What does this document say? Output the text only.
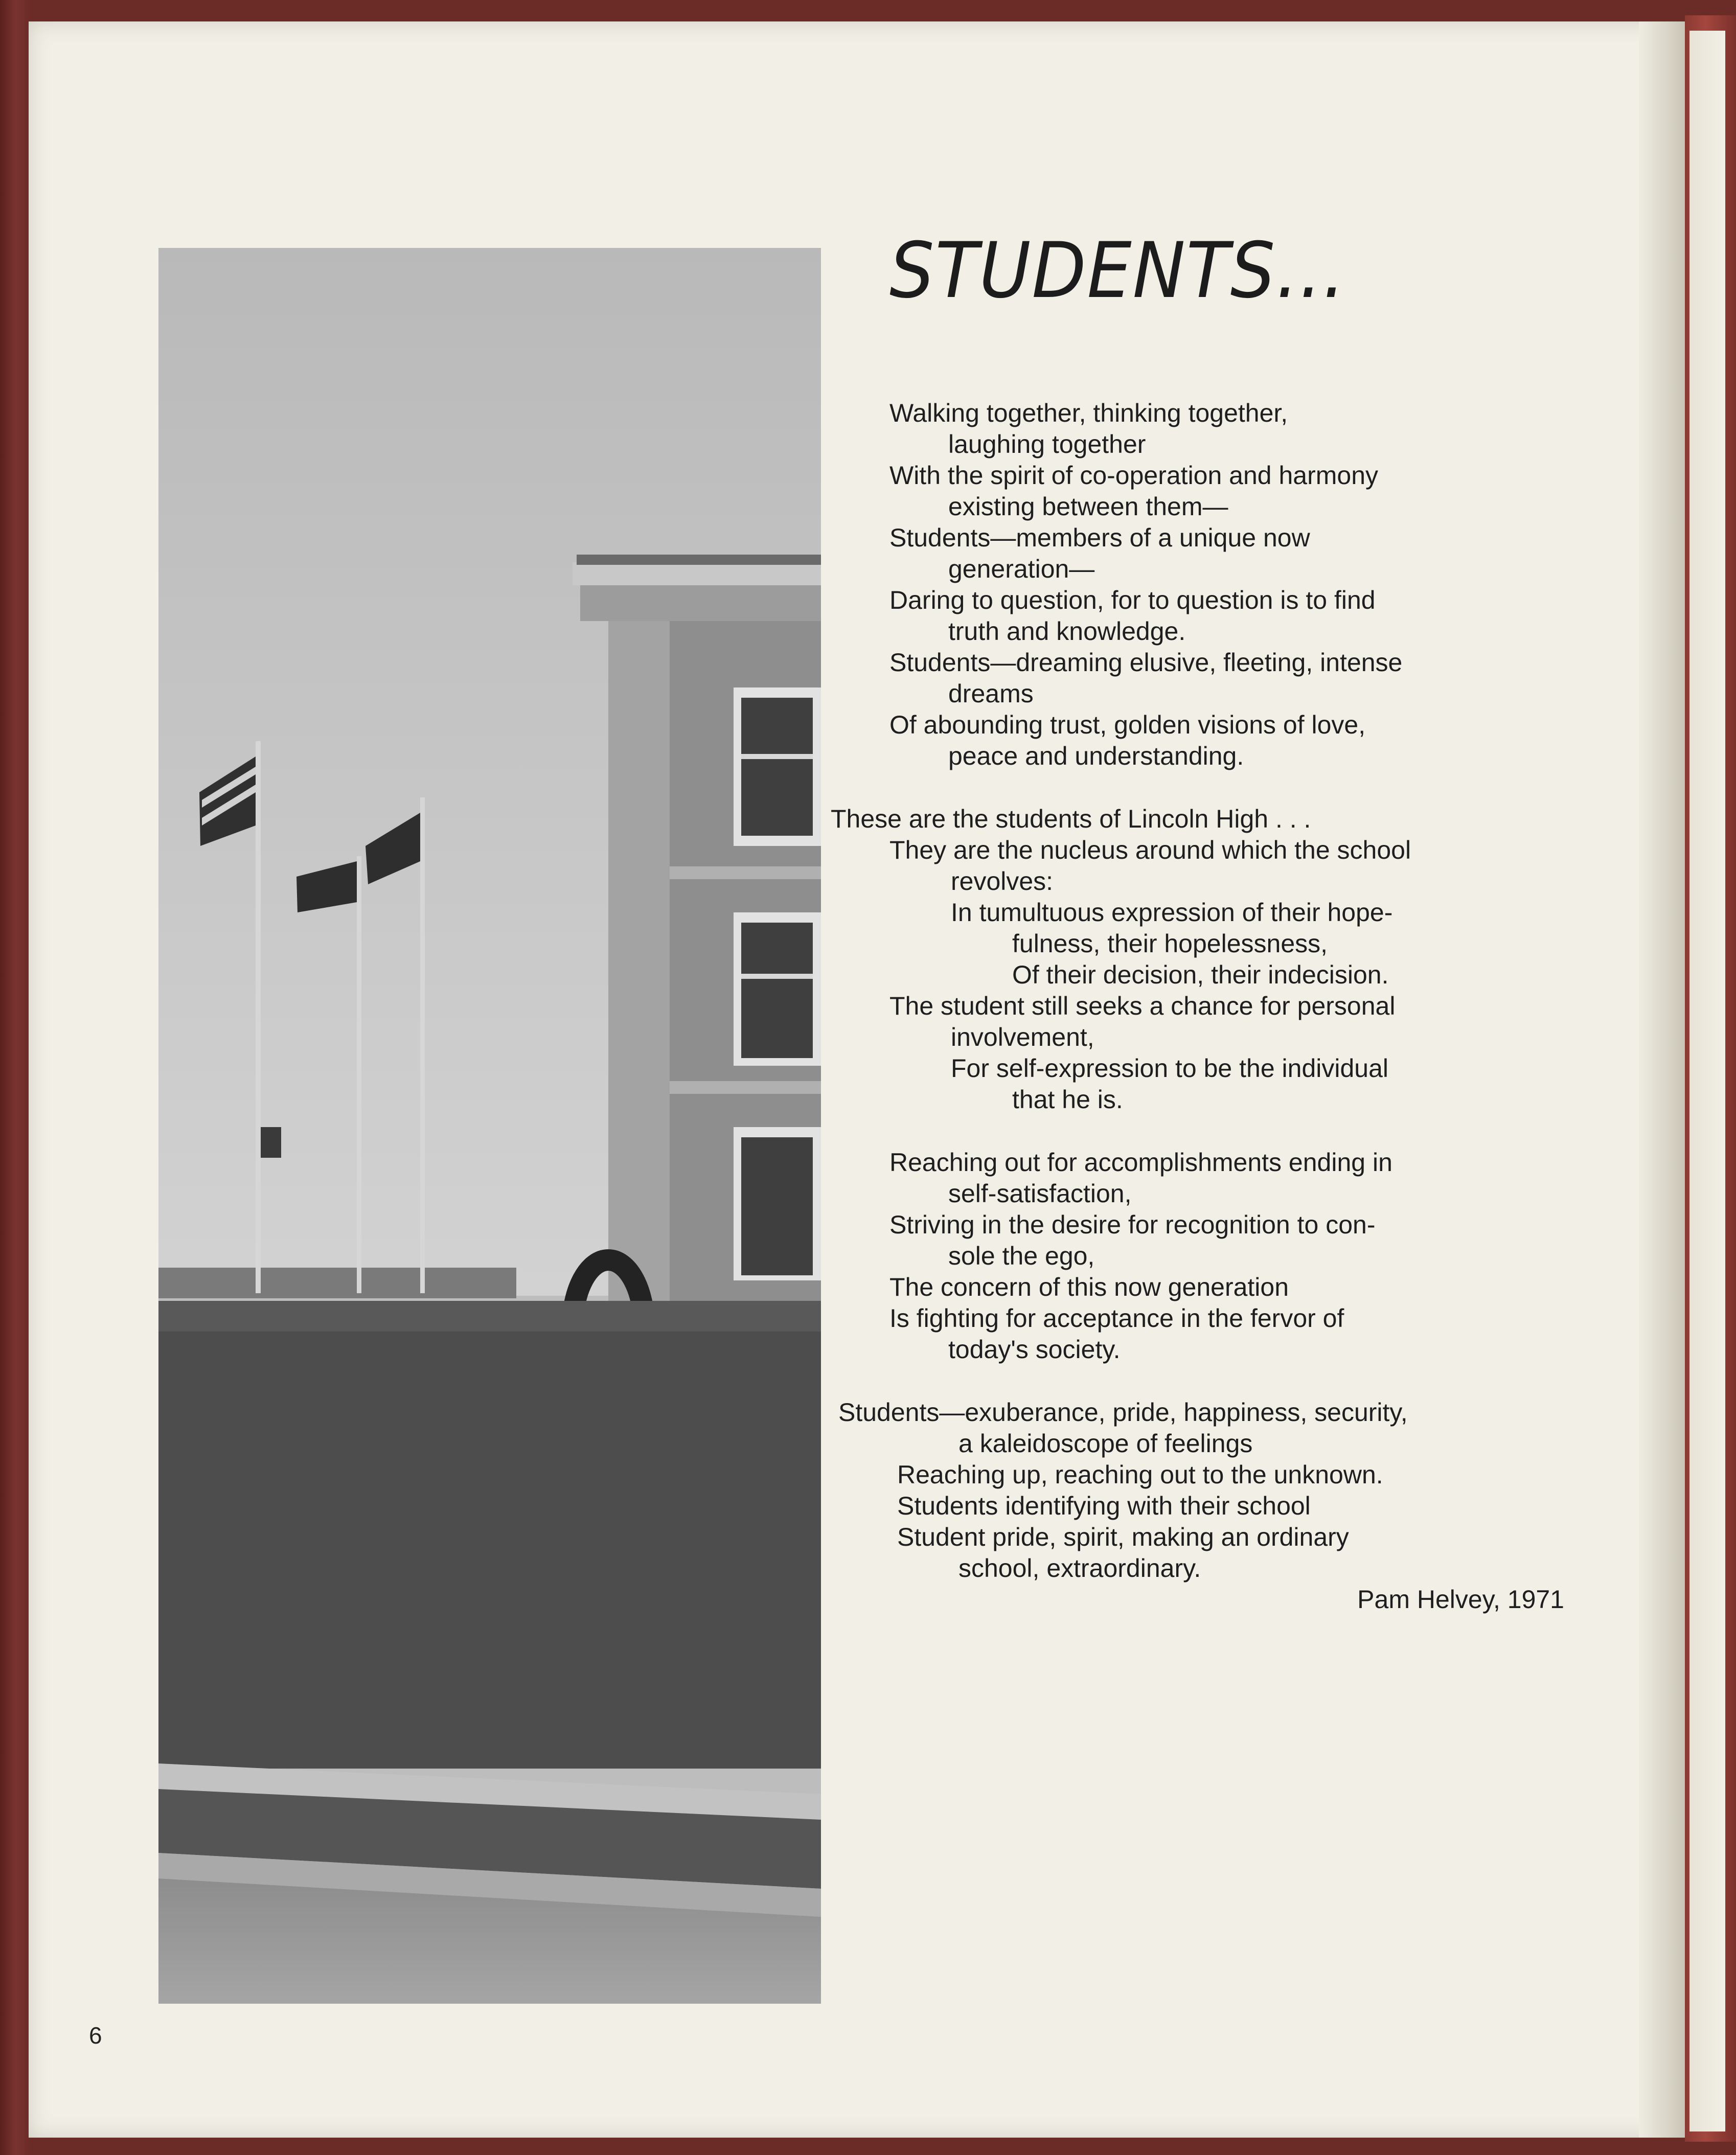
STUDENTS...
Walking together, thinking together,
laughing together
With the spirit of co-operation and harmony
existing between them—
Students—members of a unique now
generation—
Daring to question, for to question is to find
truth and knowledge.
Students—dreaming elusive, fleeting, intense
dreams
Of abounding trust, golden visions of love,
peace and understanding.
These are the students of Lincoln High . . .
They are the nucleus around which the school
revolves:
In tumultuous expression of their hope-
fulness, their hopelessness,
Of their decision, their indecision.
The student still seeks a chance for personal
involvement,
For self-expression to be the individual
that he is.
Reaching out for accomplishments ending in
self-satisfaction,
Striving in the desire for recognition to con-
sole the ego,
The concern of this now generation
Is fighting for acceptance in the fervor of
today's society.
Students—exuberance, pride, happiness, security,
a kaleidoscope of feelings
Reaching up, reaching out to the unknown.
Students identifying with their school
Student pride, spirit, making an ordinary
school, extraordinary.
Pam Helvey, 1971
6
